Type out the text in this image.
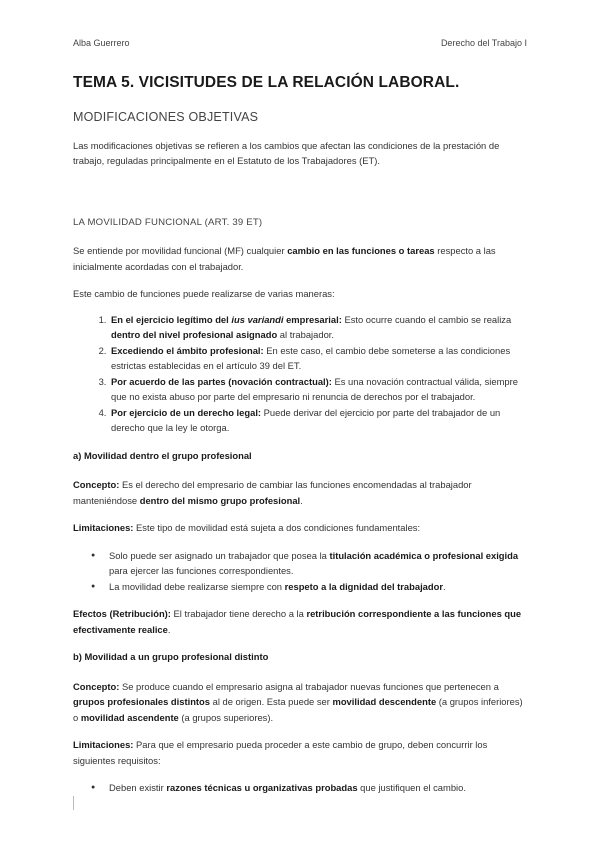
Alba Guerrero	Derecho del Trabajo I
TEMA 5. VICISITUDES DE LA RELACIÓN LABORAL.
MODIFICACIONES OBJETIVAS

Las modificaciones objetivas se refieren a los cambios que afectan las condiciones de la prestación de trabajo, reguladas principalmente en el Estatuto de los Trabajadores (ET).

LA MOVILIDAD FUNCIONAL (ART. 39 ET)

Se entiende por movilidad funcional (MF) cualquier cambio en las funciones o tareas respecto a las inicialmente acordadas con el trabajador.

Este cambio de funciones puede realizarse de varias maneras:

1. En el ejercicio legítimo del ius variandi empresarial: Esto ocurre cuando el cambio se realiza dentro del nivel profesional asignado al trabajador.
2. Excediendo el ámbito profesional: En este caso, el cambio debe someterse a las condiciones estrictas establecidas en el artículo 39 del ET.
3. Por acuerdo de las partes (novación contractual): Es una novación contractual válida, siempre que no exista abuso por parte del empresario ni renuncia de derechos por el trabajador.
4. Por ejercicio de un derecho legal: Puede derivar del ejercicio por parte del trabajador de un derecho que la ley le otorga.
a) Movilidad dentro el grupo profesional

Concepto: Es el derecho del empresario de cambiar las funciones encomendadas al trabajador manteniéndose dentro del mismo grupo profesional.

Limitaciones: Este tipo de movilidad está sujeta a dos condiciones fundamentales:

● Solo puede ser asignado un trabajador que posea la titulación académica o profesional exigida para ejercer las funciones correspondientes.
● La movilidad debe realizarse siempre con respeto a la dignidad del trabajador.

Efectos (Retribución): El trabajador tiene derecho a la retribución correspondiente a las funciones que efectivamente realice.

b) Movilidad a un grupo profesional distinto

Concepto: Se produce cuando el empresario asigna al trabajador nuevas funciones que pertenecen a grupos profesionales distintos al de origen. Esta puede ser movilidad descendente (a grupos inferiores) o movilidad ascendente (a grupos superiores).

Limitaciones: Para que el empresario pueda proceder a este cambio de grupo, deben concurrir los siguientes requisitos:

● Deben existir razones técnicas u organizativas probadas que justifiquen el cambio.
